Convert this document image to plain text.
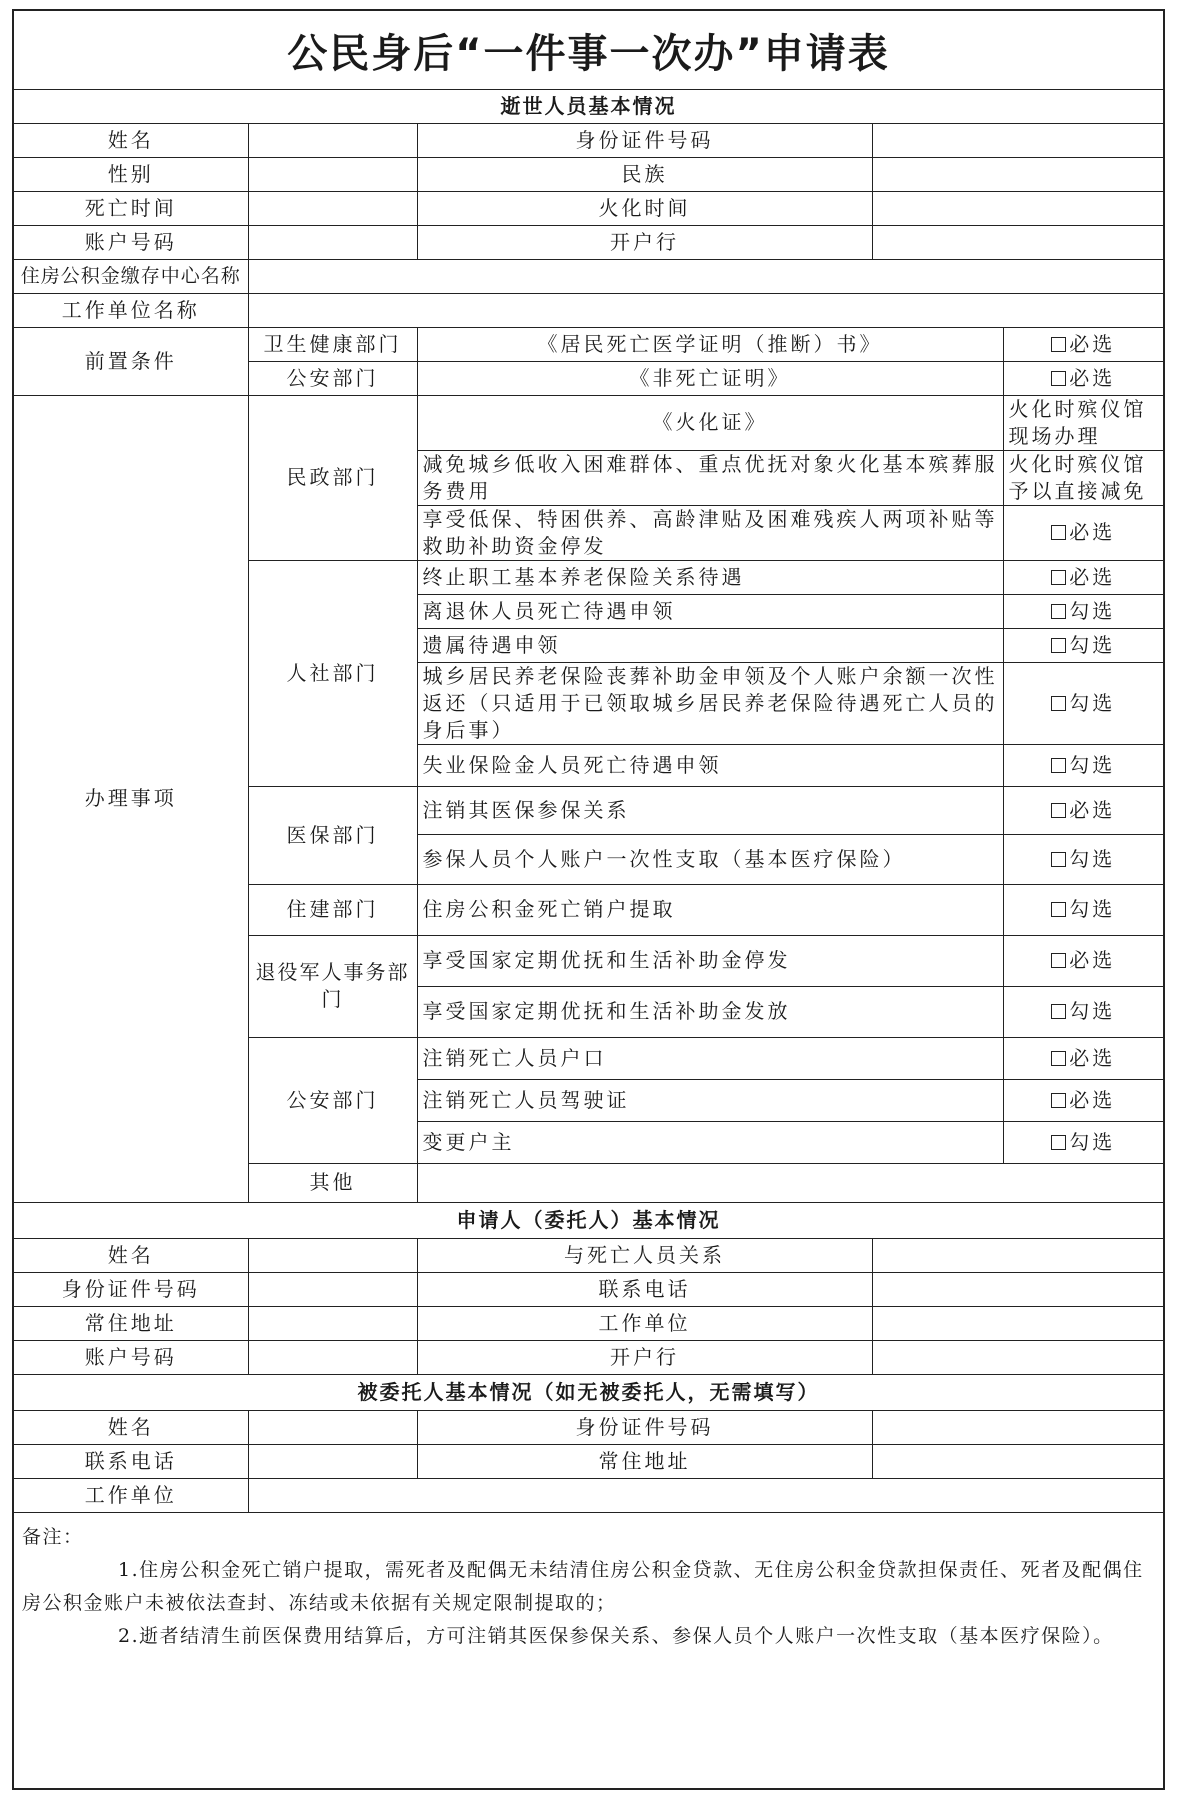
公民身后“一件事一次办”申请表
逝世人员基本情况				
姓名		身份证件号码		
性别		民族		
死亡时间		火化时间		
账户号码		开户行		
住房公积金缴存中心名称				
工作单位名称				
前置条件	卫生健康部门	《居民死亡医学证明（推断）书》		必选
	公安部门	《非死亡证明》		必选
办理事项	民政部门	《火化证》		火化时殡仪馆现场办理
		减免城乡低收入困难群体、重点优抚对象火化基本殡葬服务费用		火化时殡仪馆予以直接减免
		享受低保、特困供养、高龄津贴及困难残疾人两项补贴等救助补助资金停发		必选
	人社部门	终止职工基本养老保险关系待遇		必选
		离退休人员死亡待遇申领		勾选
		遗属待遇申领		勾选
		城乡居民养老保险丧葬补助金申领及个人账户余额一次性返还（只适用于已领取城乡居民养老保险待遇死亡人员的身后事）		勾选
		失业保险金人员死亡待遇申领		勾选
	医保部门	注销其医保参保关系		必选
		参保人员个人账户一次性支取（基本医疗保险）		勾选
	住建部门	住房公积金死亡销户提取		勾选
	退役军人事务部门	享受国家定期优抚和生活补助金停发		必选
		享受国家定期优抚和生活补助金发放		勾选
	公安部门	注销死亡人员户口		必选
		注销死亡人员驾驶证		必选
		变更户主		勾选
	其他			
申请人（委托人）基本情况				
姓名		与死亡人员关系		
身份证件号码		联系电话		
常住地址		工作单位		
账户号码		开户行		
被委托人基本情况（如无被委托人，无需填写）				
姓名		身份证件号码		
联系电话		常住地址		
工作单位				

备注：

1.住房公积金死亡销户提取，需死者及配偶无未结清住房公积金贷款、无住房公积金贷款担保责任、死者及配偶住房公积金账户未被依法查封、冻结或未依据有关规定限制提取的；

2.逝者结清生前医保费用结算后，方可注销其医保参保关系、参保人员个人账户一次性支取（基本医疗保险）。
